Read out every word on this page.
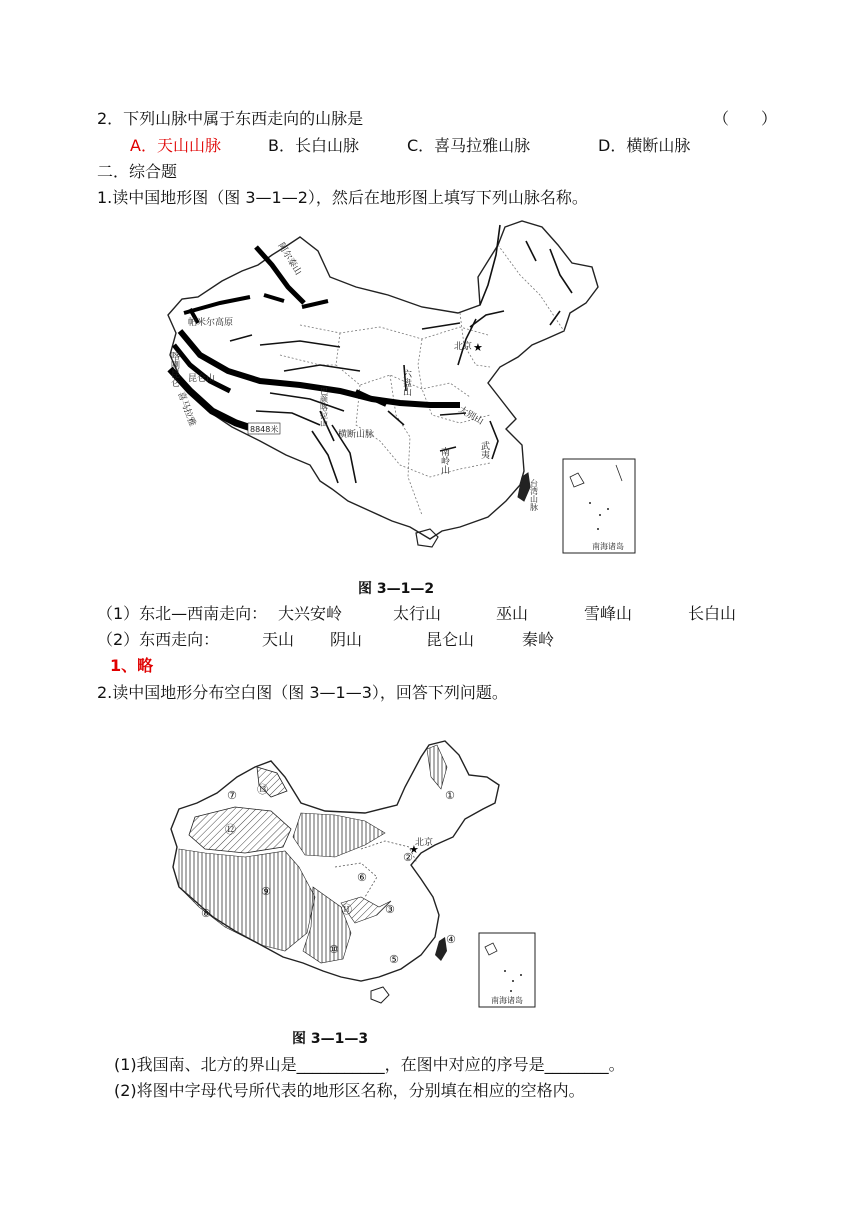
2．下列山脉中属于东西走向的山脉是	（　　）
A．天山山脉	B．长白山脉	C．喜马拉雅山脉	D．横断山脉
二．综合题
1.读中国地形图（图 3—1—2），然后在地形图上填写下列山脉名称。
★
阿尔泰山
帕米尔高原
喀喇昆仑 昆仑山
喜马拉雅
8848米
北京
六盘山
巴颜喀拉山
横断山脉
大别山
南岭山	武夷
台湾山脉
南海诸岛
图 3—1—2
（1）东北—西南走向： 大兴安岭	太行山	巫山	雪峰山	长白山
（2）东西走向：	天山 阴山	昆仑山	秦岭
1、略
2.读中国地形分布空白图（图 3—1—3），回答下列问题。
★
北京
①
②
③
④
⑤
⑥
⑦
⑧
⑨
⑩
⑪
⑫
⑬
南海诸岛
图 3—1—3
(1)我国南、北方的界山是___________，在图中对应的序号是________。
(2)将图中字母代号所代表的地形区名称，分别填在相应的空格内。
